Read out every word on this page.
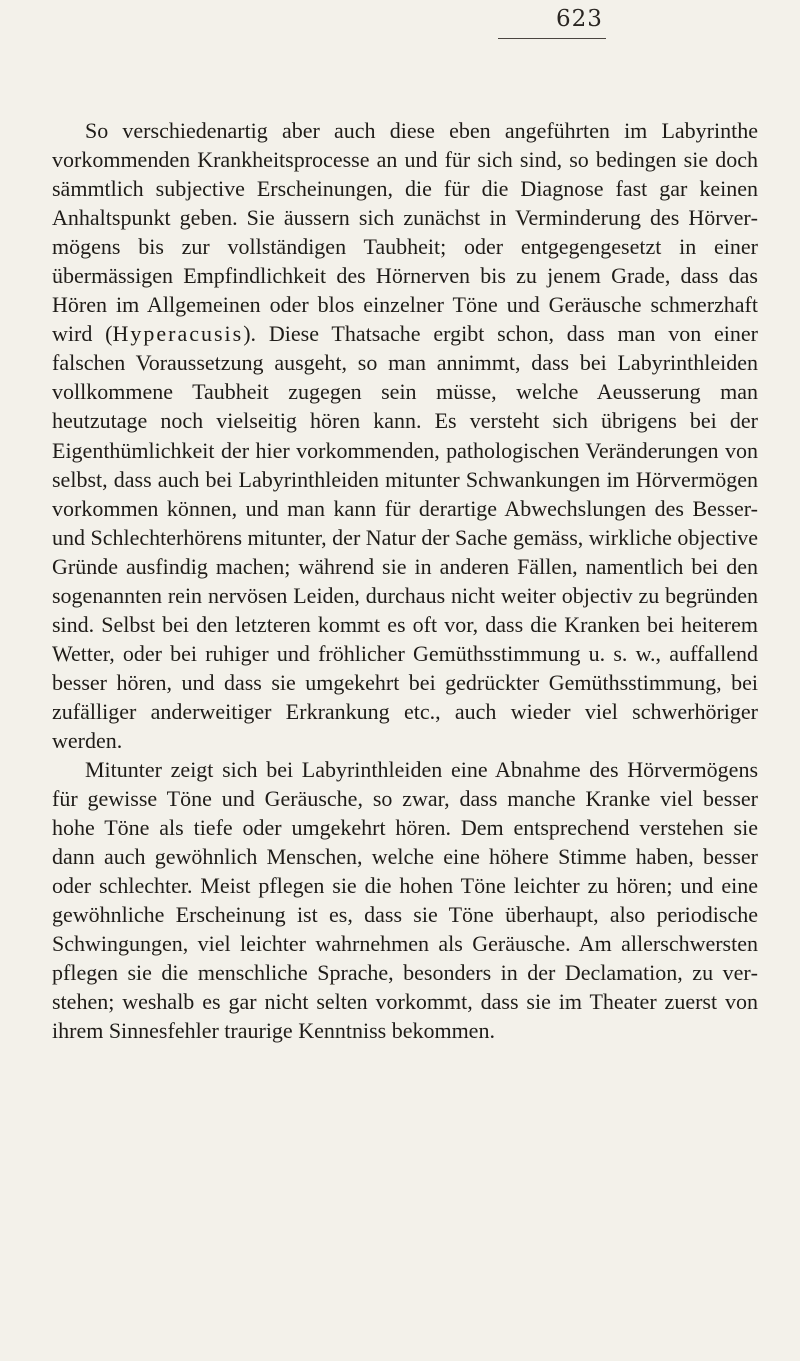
623

So verschiedenartig aber auch diese eben angeführten im Labyrinthe vorkommenden Krankheitsprocesse an und für sich sind, so bedingen sie doch sämmtlich subjective Erscheinungen, die für die Diagnose fast gar keinen Anhaltspunkt geben. Sie äussern sich zunächst in Verminderung des Hörvermögens bis zur vollständigen Taubheit; oder entgegengesetzt in einer übermässigen Empfindlichkeit des Hörnerven bis zu jenem Grade, dass das Hören im Allgemeinen oder blos einzelner Töne und Geräusche schmerzhaft wird (Hyperacusis). Diese Thatsache ergibt schon, dass man von einer falschen Voraussetzung ausgeht, so man annimmt, dass bei Labyrinthleiden vollkommene Taubheit zugegen sein müsse, welche Aeusserung man heutzutage noch vielseitig hören kann. Es versteht sich übrigens bei der Eigenthümlichkeit der hier vorkommenden, pathologischen Veränderungen von selbst, dass auch bei Labyrinthleiden mitunter Schwankungen im Hörvermögen vorkommen können, und man kann für derartige Abwechslungen des Besser- und Schlechterhörens mitunter, der Natur der Sache gemäss, wirkliche objective Gründe ausfindig machen; während sie in anderen Fällen, namentlich bei den sogenannten rein nervösen Leiden, durchaus nicht weiter objectiv zu begründen sind. Selbst bei den letzteren kommt es oft vor, dass die Kranken bei heiterem Wetter, oder bei ruhiger und fröhlicher Gemüthsstimmung u. s. w., auffallend besser hören, und dass sie umgekehrt bei gedrückter Gemüthsstimmung, bei zufälliger anderweitiger Erkrankung etc., auch wieder viel schwerhöriger werden.

Mitunter zeigt sich bei Labyrinthleiden eine Abnahme des Hörvermögens für gewisse Töne und Geräusche, so zwar, dass manche Kranke viel besser hohe Töne als tiefe oder umgekehrt hören. Dem entsprechend verstehen sie dann auch gewöhnlich Menschen, welche eine höhere Stimme haben, besser oder schlechter. Meist pflegen sie die hohen Töne leichter zu hören; und eine gewöhnliche Erscheinung ist es, dass sie Töne überhaupt, also periodische Schwingungen, viel leichter wahrnehmen als Geräusche. Am allerschwersten pflegen sie die menschliche Sprache, besonders in der Declamation, zu verstehen; weshalb es gar nicht selten vorkommt, dass sie im Theater zuerst von ihrem Sinnesfehler traurige Kenntniss bekommen.
